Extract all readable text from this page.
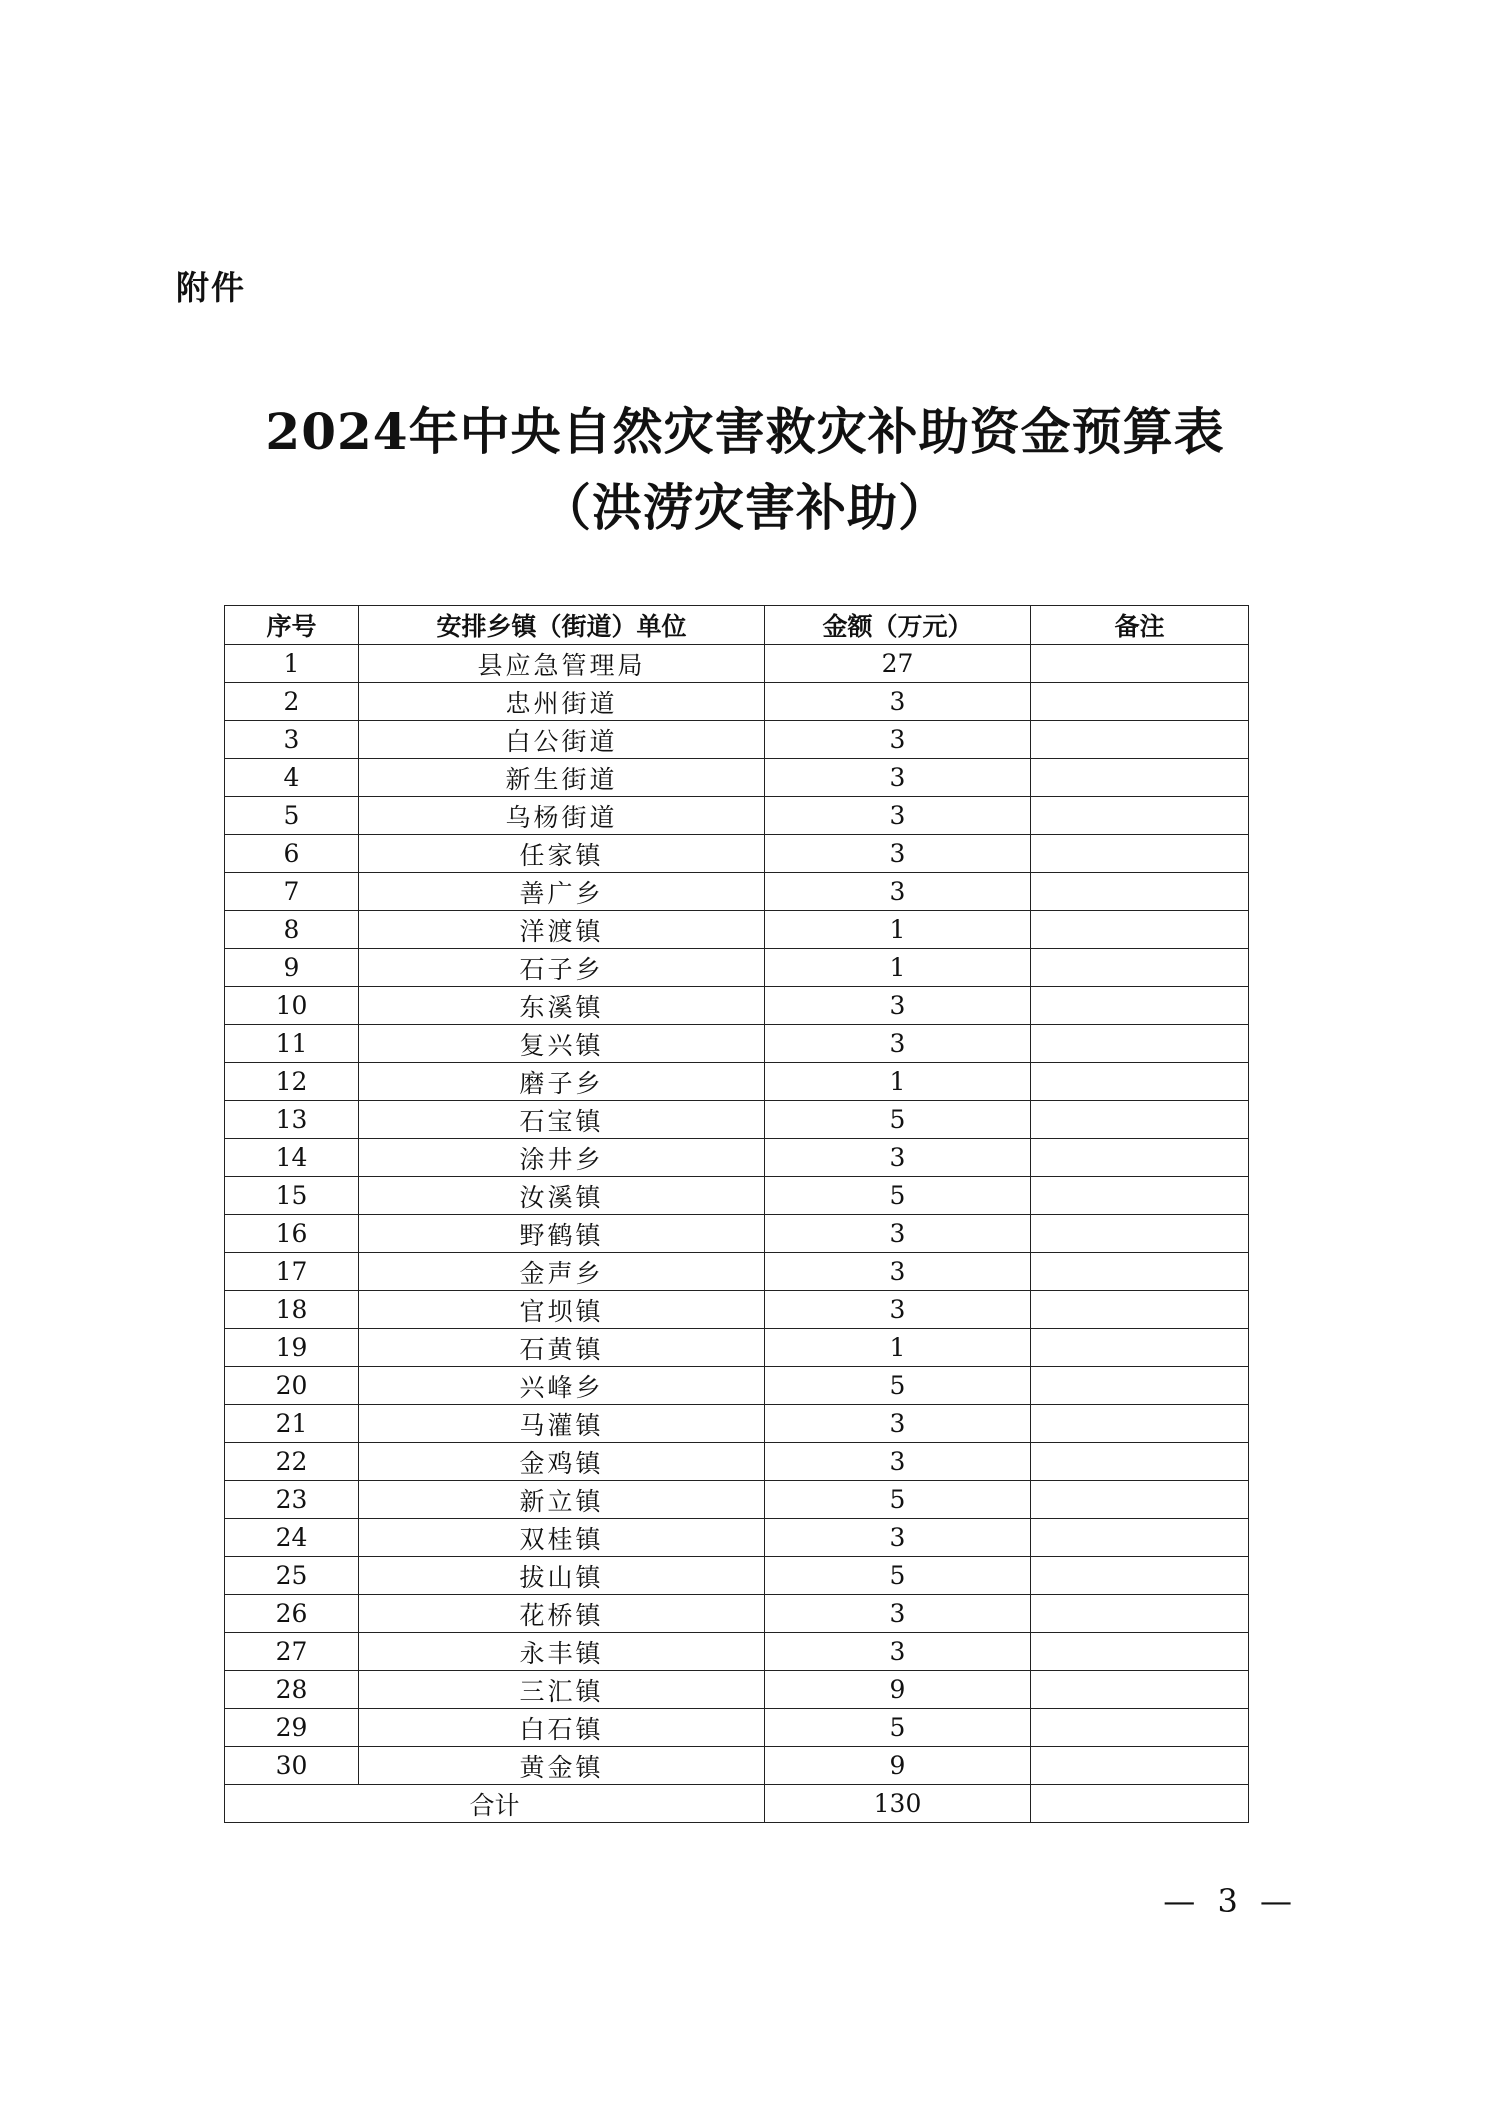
附件
2024年中央自然灾害救灾补助资金预算表
（洪涝灾害补助）
序号	安排乡镇（街道）单位	金额（万元）	备注
1	县应急管理局	27	
2	忠州街道	3	
3	白公街道	3	
4	新生街道	3	
5	乌杨街道	3	
6	任家镇	3	
7	善广乡	3	
8	洋渡镇	1	
9	石子乡	1	
10	东溪镇	3	
11	复兴镇	3	
12	磨子乡	1	
13	石宝镇	5	
14	涂井乡	3	
15	汝溪镇	5	
16	野鹤镇	3	
17	金声乡	3	
18	官坝镇	3	
19	石黄镇	1	
20	兴峰乡	5	
21	马灌镇	3	
22	金鸡镇	3	
23	新立镇	5	
24	双桂镇	3	
25	拔山镇	5	
26	花桥镇	3	
27	永丰镇	3	
28	三汇镇	9	
29	白石镇	5	
30	黄金镇	9	
合计		130	
— 3 —
